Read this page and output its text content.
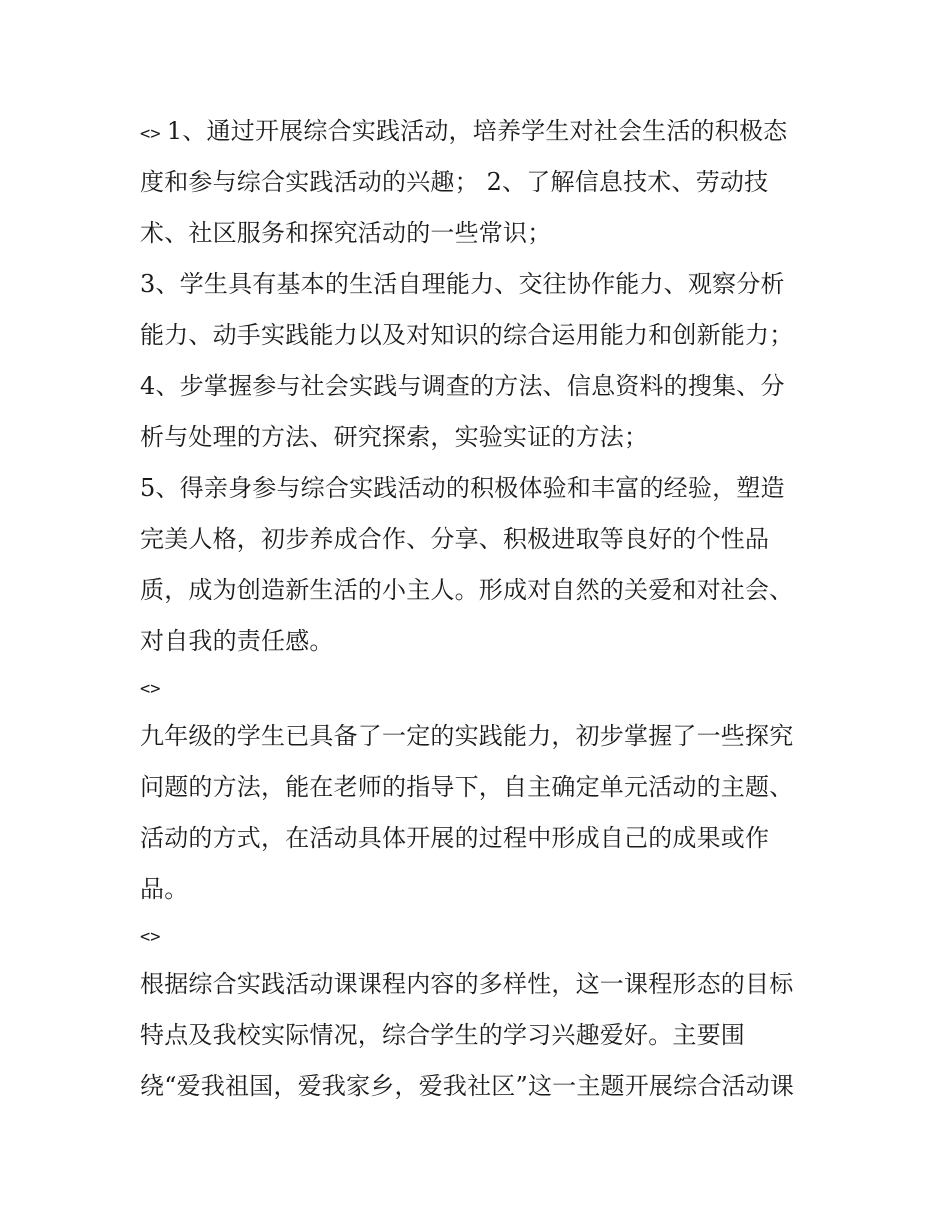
<> 1、通过开展综合实践活动，培养学生对社会生活的积极态
度和参与综合实践活动的兴趣； 2、了解信息技术、劳动技
术、社区服务和探究活动的一些常识；
3、学生具有基本的生活自理能力、交往协作能力、观察分析
能力、动手实践能力以及对知识的综合运用能力和创新能力；
4、步掌握参与社会实践与调查的方法、信息资料的搜集、分
析与处理的方法、研究探索，实验实证的方法；
5、得亲身参与综合实践活动的积极体验和丰富的经验，塑造
完美人格，初步养成合作、分享、积极进取等良好的个性品
质，成为创造新生活的小主人。形成对自然的关爱和对社会、
对自我的责任感。
<>
九年级的学生已具备了一定的实践能力，初步掌握了一些探究
问题的方法，能在老师的指导下，自主确定单元活动的主题、
活动的方式，在活动具体开展的过程中形成自己的成果或作
品。
<>
根据综合实践活动课课程内容的多样性，这一课程形态的目标
特点及我校实际情况，综合学生的学习兴趣爱好。主要围
绕“爱我祖国，爱我家乡，爱我社区”这一主题开展综合活动课
